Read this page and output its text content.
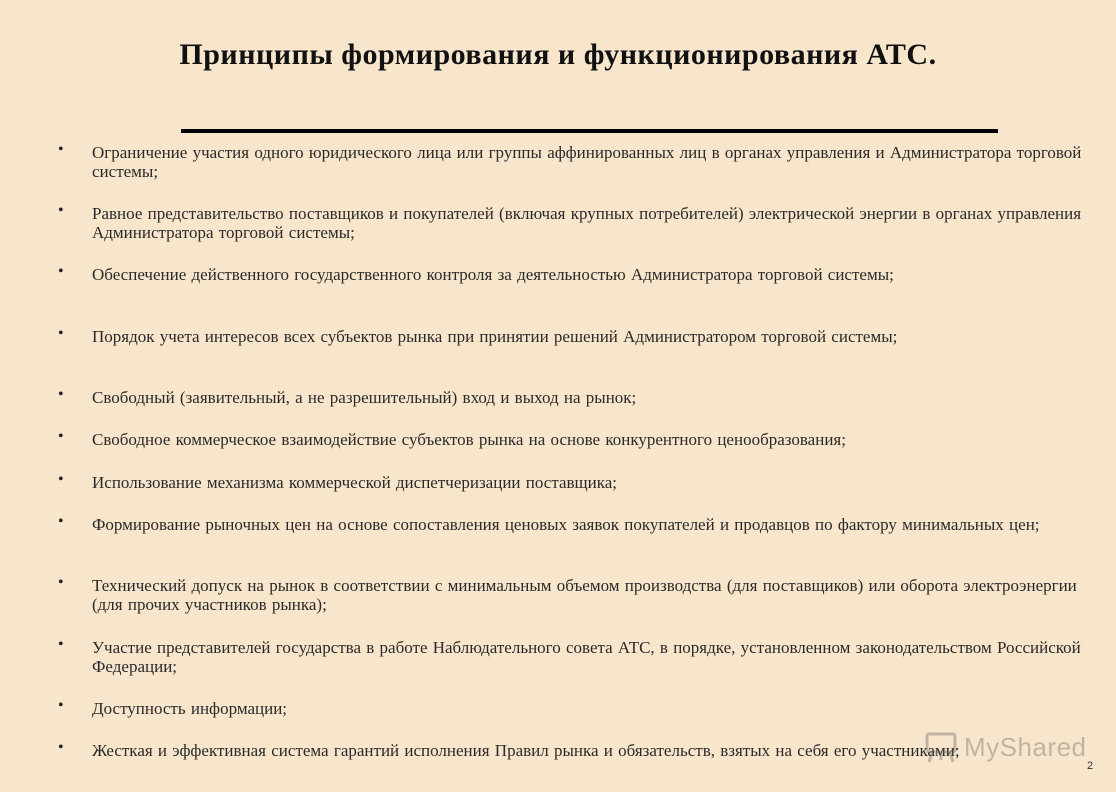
Принципы формирования и функционирования АТС.
• Ограничение участия одного юридического лица или группы аффинированных лиц в органах управления и Администратора торговой системы;
• Равное представительство поставщиков и покупателей (включая крупных потребителей) электрической энергии в органах управления Администратора торговой системы;
• Обеспечение действенного государственного контроля за деятельностью Администратора торговой системы;
• Порядок учета интересов всех субъектов рынка при принятии решений Администратором торговой системы;
• Свободный (заявительный, а не разрешительный) вход и выход на рынок;
• Свободное коммерческое взаимодействие субъектов рынка на основе конкурентного ценообразования;
• Использование механизма коммерческой диспетчеризации поставщика;
• Формирование рыночных цен на основе сопоставления ценовых заявок покупателей и продавцов по фактору минимальных цен;
• Технический допуск на рынок в соответствии с минимальным объемом производства (для поставщиков) или оборота электроэнергии (для прочих участников рынка);
• Участие представителей государства в работе Наблюдательного совета АТС, в порядке, установленном законодательством Российской Федерации;
• Доступность информации;
• Жесткая и эффективная система гарантий исполнения Правил рынка и обязательств, взятых на себя его участниками; MyShared
2
